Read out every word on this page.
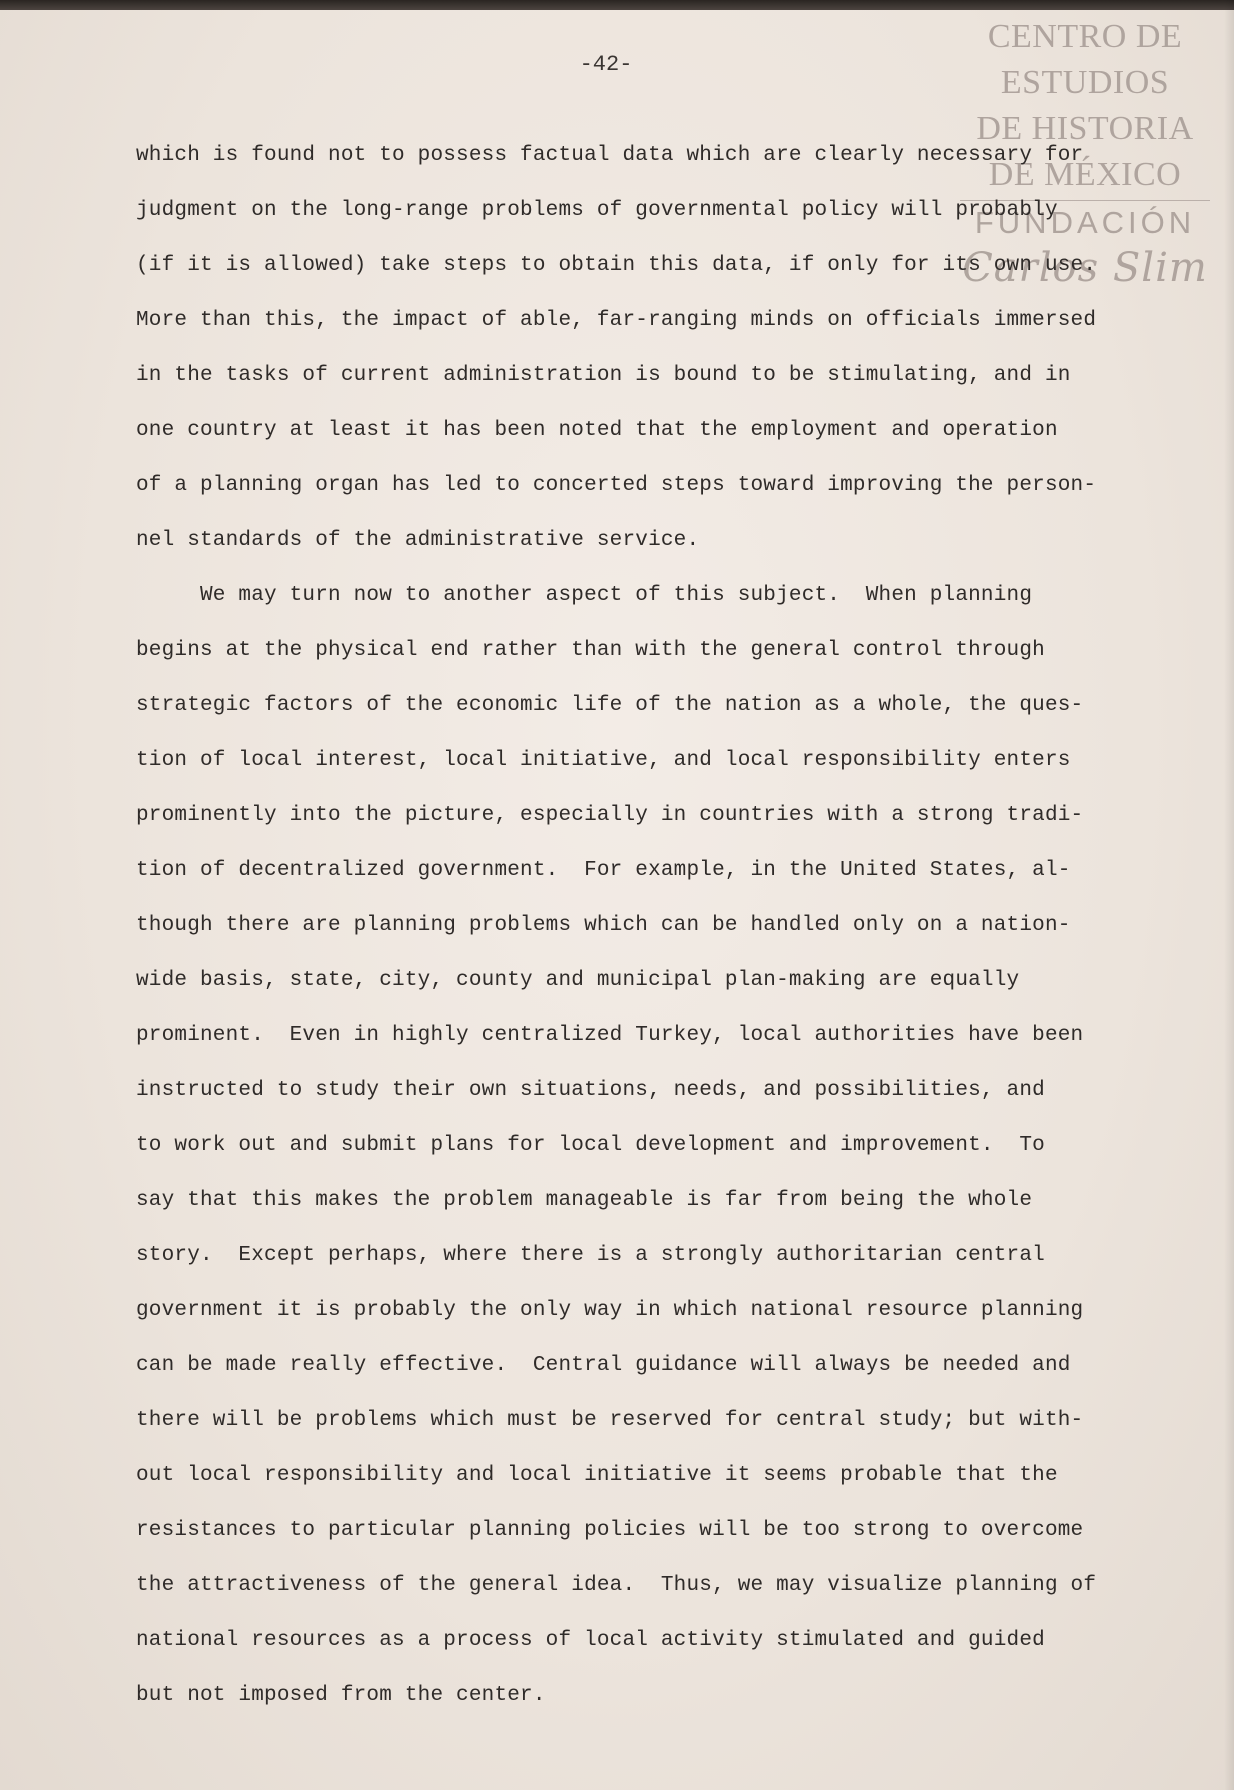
-42-
CENTRO DE
ESTUDIOS
DE HISTORIA
DE MÉXICO
FUNDACIÓN
Carlos Slim

which is found not to possess factual data which are clearly necessary for
judgment on the long-range problems of governmental policy will probably
(if it is allowed) take steps to obtain this data, if only for its own use.
More than this, the impact of able, far-ranging minds on officials immersed
in the tasks of current administration is bound to be stimulating, and in
one country at least it has been noted that the employment and operation
of a planning organ has led to concerted steps toward improving the person-
nel standards of the administrative service.

We may turn now to another aspect of this subject.  When planning
begins at the physical end rather than with the general control through
strategic factors of the economic life of the nation as a whole, the ques-
tion of local interest, local initiative, and local responsibility enters
prominently into the picture, especially in countries with a strong tradi-
tion of decentralized government.  For example, in the United States, al-
though there are planning problems which can be handled only on a nation-
wide basis, state, city, county and municipal plan-making are equally
prominent.  Even in highly centralized Turkey, local authorities have been
instructed to study their own situations, needs, and possibilities, and
to work out and submit plans for local development and improvement.  To
say that this makes the problem manageable is far from being the whole
story.  Except perhaps, where there is a strongly authoritarian central
government it is probably the only way in which national resource planning
can be made really effective.  Central guidance will always be needed and
there will be problems which must be reserved for central study; but with-
out local responsibility and local initiative it seems probable that the
resistances to particular planning policies will be too strong to overcome
the attractiveness of the general idea.  Thus, we may visualize planning of
national resources as a process of local activity stimulated and guided
but not imposed from the center.
